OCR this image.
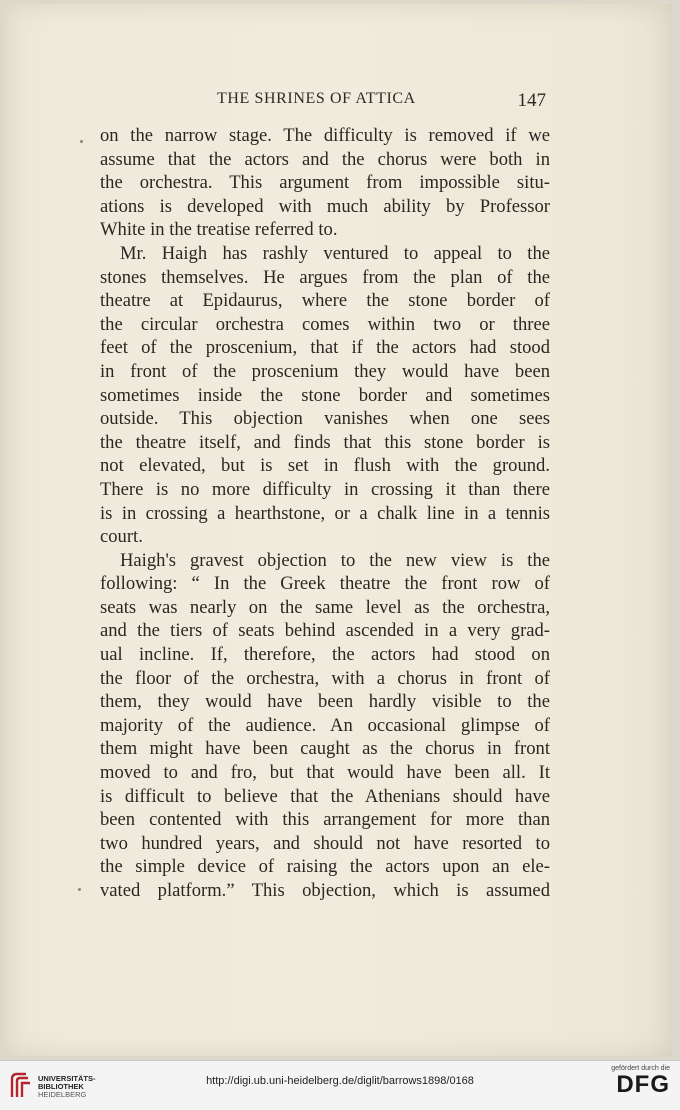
THE SHRINES OF ATTICA	147

on the narrow stage. The difficulty is removed if we
assume that the actors and the chorus were both in
the orchestra. This argument from impossible situ-
ations is developed with much ability by Professor
White in the treatise referred to.

Mr. Haigh has rashly ventured to appeal to the
stones themselves. He argues from the plan of the
theatre at Epidaurus, where the stone border of
the circular orchestra comes within two or three
feet of the proscenium, that if the actors had stood
in front of the proscenium they would have been
sometimes inside the stone border and sometimes
outside. This objection vanishes when one sees
the theatre itself, and finds that this stone border is
not elevated, but is set in flush with the ground.
There is no more difficulty in crossing it than there
is in crossing a hearthstone, or a chalk line in a tennis
court.

Haigh's gravest objection to the new view is the
following: “ In the Greek theatre the front row of
seats was nearly on the same level as the orchestra,
and the tiers of seats behind ascended in a very grad-
ual incline. If, therefore, the actors had stood on
the floor of the orchestra, with a chorus in front of
them, they would have been hardly visible to the
majority of the audience. An occasional glimpse of
them might have been caught as the chorus in front
moved to and fro, but that would have been all. It
is difficult to believe that the Athenians should have
been contented with this arrangement for more than
two hundred years, and should not have resorted to
the simple device of raising the actors upon an ele-
vated platform.” This objection, which is assumed

UNIVERSITÄTS-
BIBLIOTHEK
HEIDELBERG
http://digi.ub.uni-heidelberg.de/diglit/barrows1898/0168
gefördert durch die
DFG
